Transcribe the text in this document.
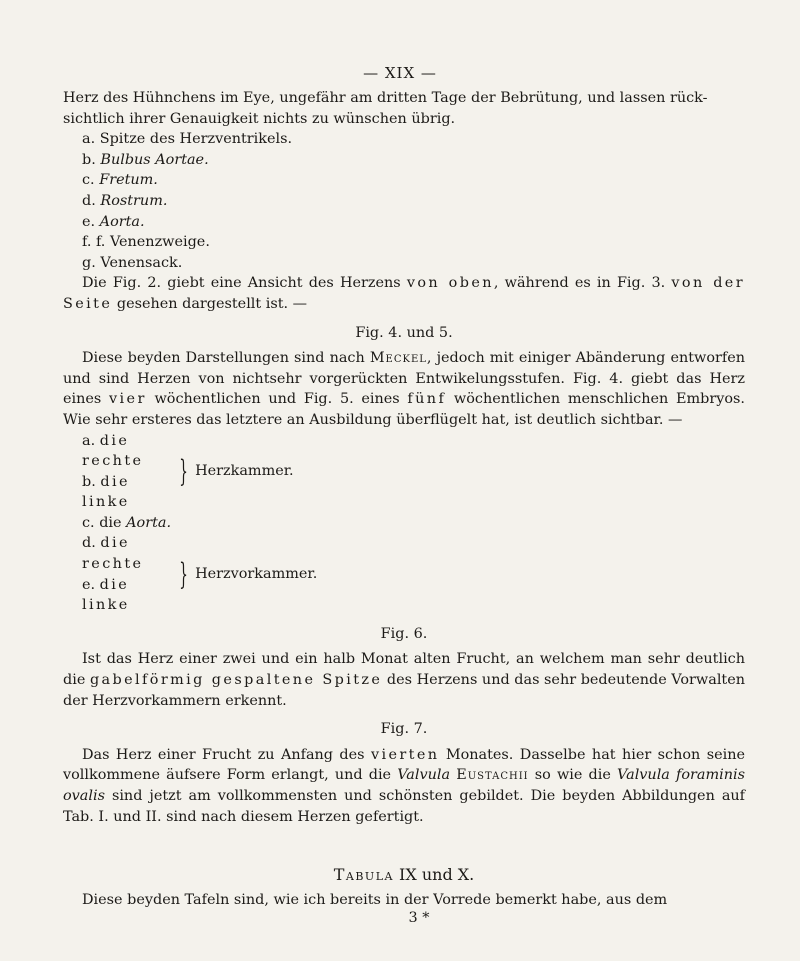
— XIX —

Herz des Hühnchens im Eye, ungefähr am dritten Tage der Bebrütung, und lassen rück-
sichtlich ihrer Genauigkeit nichts zu wünschen übrig.

a. Spitze des Herzventrikels.
b. Bulbus Aortae.
c. Fretum.
d. Rostrum.
e. Aorta.
f. f. Venenzweige.
g. Venensack.

Die Fig. 2. giebt eine Ansicht des Herzens von oben, während es in Fig. 3. von der Seite gesehen dargestellt ist. —

Fig. 4. und 5.

Diese beyden Darstellungen sind nach Meckel, jedoch mit einiger Abänderung entworfen und sind Herzen von nichtsehr vorgerückten Entwikelungsstufen. Fig. 4. giebt das Herz eines vier wöchentlichen und Fig. 5. eines fünf wöchentlichen menschlichen Embryos. Wie sehr ersteres das letztere an Ausbildung überflügelt hat, ist deutlich sichtbar. —

a. die rechte
b. die linke
} Herzkammer.
c. die Aorta.
d. die rechte
e. die linke
} Herzvorkammer.
Fig. 6.

Ist das Herz einer zwei und ein halb Monat alten Frucht, an welchem man sehr deutlich die gabelförmig gespaltene Spitze des Herzens und das sehr bedeutende Vorwalten der Herzvorkammern erkennt.

Fig. 7.

Das Herz einer Frucht zu Anfang des vierten Monates. Dasselbe hat hier schon seine vollkommene äufsere Form erlangt, und die Valvula Eustachii so wie die Valvula foraminis ovalis sind jetzt am vollkommensten und schönsten gebildet. Die beyden Abbildungen auf Tab. I. und II. sind nach diesem Herzen gefertigt.

Tabula IX und X.

Diese beyden Tafeln sind, wie ich bereits in der Vorrede bemerkt habe, aus dem

3 *
